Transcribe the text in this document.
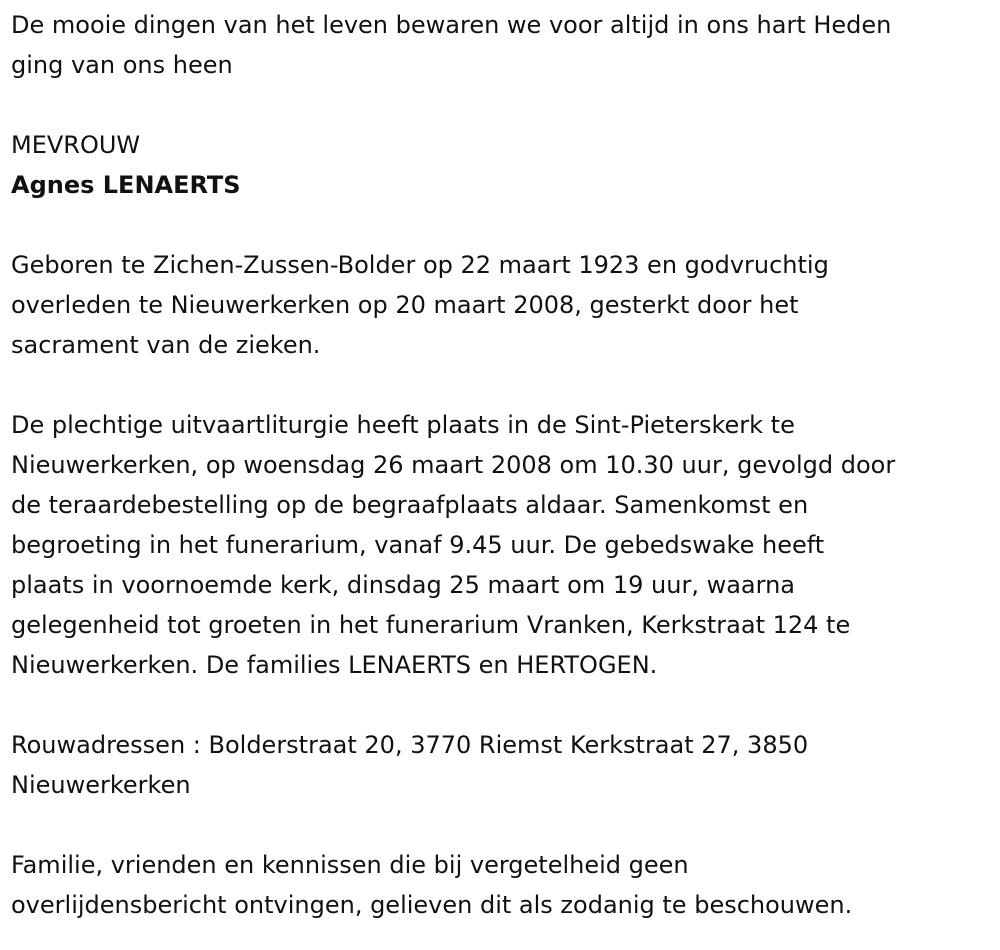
De mooie dingen van het leven bewaren we voor altijd in ons hart Heden

ging van ons heen

MEVROUW

Agnes LENAERTS

Geboren te Zichen-Zussen-Bolder op 22 maart 1923 en godvruchtig

overleden te Nieuwerkerken op 20 maart 2008, gesterkt door het

sacrament van de zieken.

De plechtige uitvaartliturgie heeft plaats in de Sint-Pieterskerk te

Nieuwerkerken, op woensdag 26 maart 2008 om 10.30 uur, gevolgd door

de teraardebestelling op de begraafplaats aldaar. Samenkomst en

begroeting in het funerarium, vanaf 9.45 uur. De gebedswake heeft

plaats in voornoemde kerk, dinsdag 25 maart om 19 uur, waarna

gelegenheid tot groeten in het funerarium Vranken, Kerkstraat 124 te

Nieuwerkerken. De families LENAERTS en HERTOGEN.

Rouwadressen : Bolderstraat 20, 3770 Riemst Kerkstraat 27, 3850

Nieuwerkerken

Familie, vrienden en kennissen die bij vergetelheid geen

overlijdensbericht ontvingen, gelieven dit als zodanig te beschouwen.
